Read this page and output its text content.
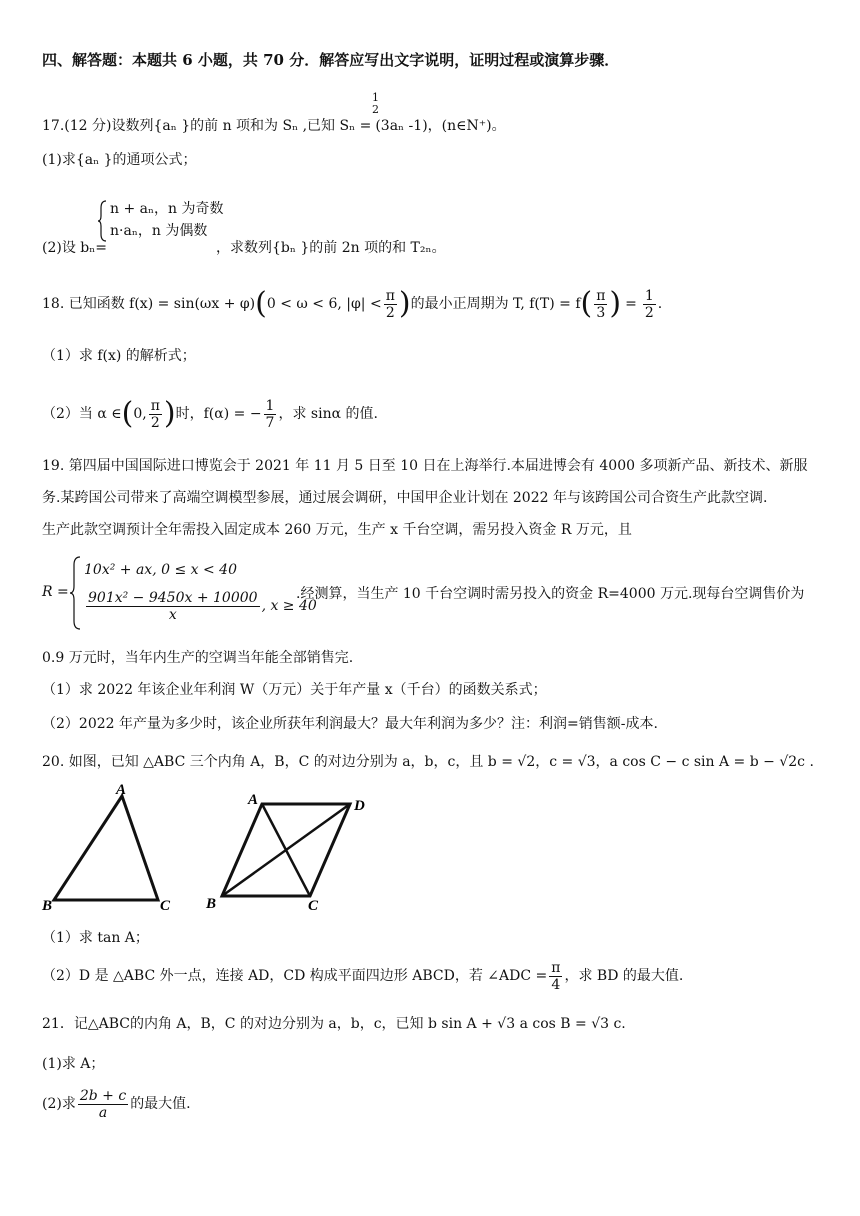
四、解答题：本题共 6 小题，共 70 分．解答应写出文字说明，证明过程或演算步骤．
1
2
17.(12 分)设数列{aₙ }的前 n 项和为 Sₙ ,已知 Sₙ = (3aₙ -1)，(n∈N⁺)。
(1)求{aₙ }的通项公式；
n + aₙ，n 为奇数
n·aₙ，n 为偶数
(2)设 bₙ=	，求数列{bₙ }的前 2n 项的和 T₂ₙ。
18. 已知函数 f(x) = sin(ωx + φ)(0 < ω < 6, $|\varphi| < \frac{\pi}{2}$ )的最小正周期为 T, $f(T) = f( \frac{\pi}{3}$ ) = $\frac{1}{2}$ .
（1）求 f(x) 的解析式；
（2）当 α ∈(0, $\frac{\pi}{2}$ )时，f(α) = − $\frac{1}{7}$ ，求 sinα 的值.
19. 第四届中国国际进口博览会于 2021 年 11 月 5 日至 10 日在上海举行.本届进博会有 4000 多项新产品、新技术、新服
务.某跨国公司带来了高端空调模型参展，通过展会调研，中国甲企业计划在 2022 年与该跨国公司合资生产此款空调.
生产此款空调预计全年需投入固定成本 260 万元，生产 x 千台空调，需另投入资金 R 万元，且
R =
10x² + ax, 0 ≤ x < 40
$\frac{\text{901x² − 9450x + 10000}}{x}$ , x ≥ 40
.经测算，当生产 10 千台空调时需另投入的资金 R=4000 万元.现每台空调售价为
0.9 万元时，当年内生产的空调当年能全部销售完.
（1）求 2022 年该企业年利润 W（万元）关于年产量 x（千台）的函数关系式；
（2）2022 年产量为多少时，该企业所获年利润最大？最大年利润为多少？注：利润=销售额-成本.
20. 如图，已知 △ABC 三个内角 A，B，C 的对边分别为 a，b，c，且 b = √2，c = √3，a cos C − c sin A = b − √2c .
A
B	C
A	D
B	C
（1）求 tan A；
（2）D 是 △ABC 外一点，连接 AD，CD 构成平面四边形 ABCD，若 ∠ADC = $\frac{\pi}{4}$ ，求 BD 的最大值.
21．记△ABC的内角 A，B，C 的对边分别为 a，b，c，已知 b sin A + √3 a cos B = √3 c.
(1)求 A；
(2)求 $\frac{2b + c}{a}$ 的最大值.
